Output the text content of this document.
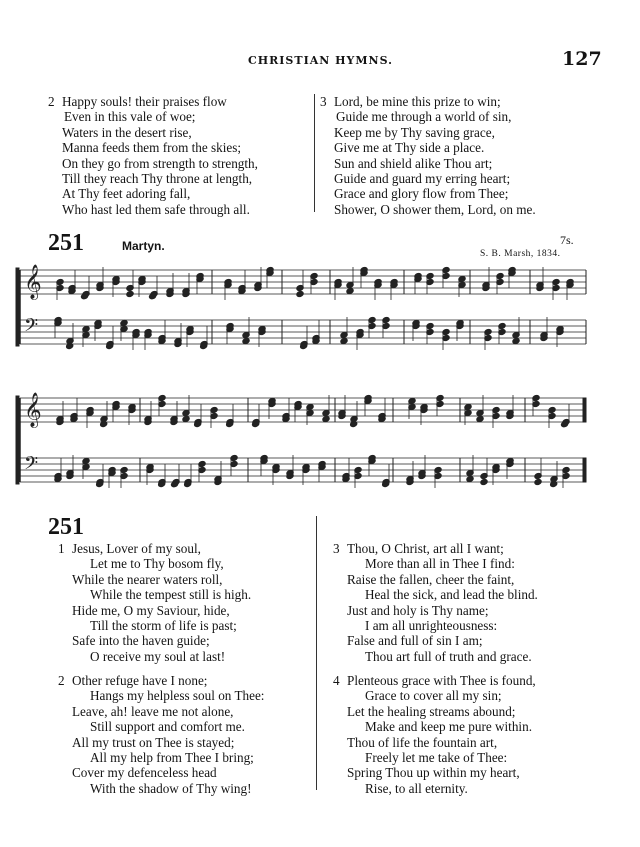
CHRISTIAN HYMNS.	127
2 Happy souls! their praises flow
Even in this vale of woe;
Waters in the desert rise,
Manna feeds them from the skies;
On they go from strength to strength,
Till they reach Thy throne at length,
At Thy feet adoring fall,
Who hast led them safe through all.
3 Lord, be mine this prize to win;
Guide me through a world of sin,
Keep me by Thy saving grace,
Give me at Thy side a place.
Sun and shield alike Thou art;
Guide and guard my erring heart;
Grace and glory flow from Thee;
Shower, O shower them, Lord, on me.
251	Martyn.	7s.
S. B. Marsh, 1834.
𝄞
𝄢
𝄞
𝄢
251
1 Jesus, Lover of my soul,
Let me to Thy bosom fly,
While the nearer waters roll,
While the tempest still is high.
Hide me, O my Saviour, hide,
Till the storm of life is past;
Safe into the haven guide;
O receive my soul at last!
2 Other refuge have I none;
Hangs my helpless soul on Thee:
Leave, ah! leave me not alone,
Still support and comfort me.
All my trust on Thee is stayed;
All my help from Thee I bring;
Cover my defenceless head
With the shadow of Thy wing!
3 Thou, O Christ, art all I want;
More than all in Thee I find:
Raise the fallen, cheer the faint,
Heal the sick, and lead the blind.
Just and holy is Thy name;
I am all unrighteousness:
False and full of sin I am;
Thou art full of truth and grace.
4 Plenteous grace with Thee is found,
Grace to cover all my sin;
Let the healing streams abound;
Make and keep me pure within.
Thou of life the fountain art,
Freely let me take of Thee:
Spring Thou up within my heart,
Rise, to all eternity.
